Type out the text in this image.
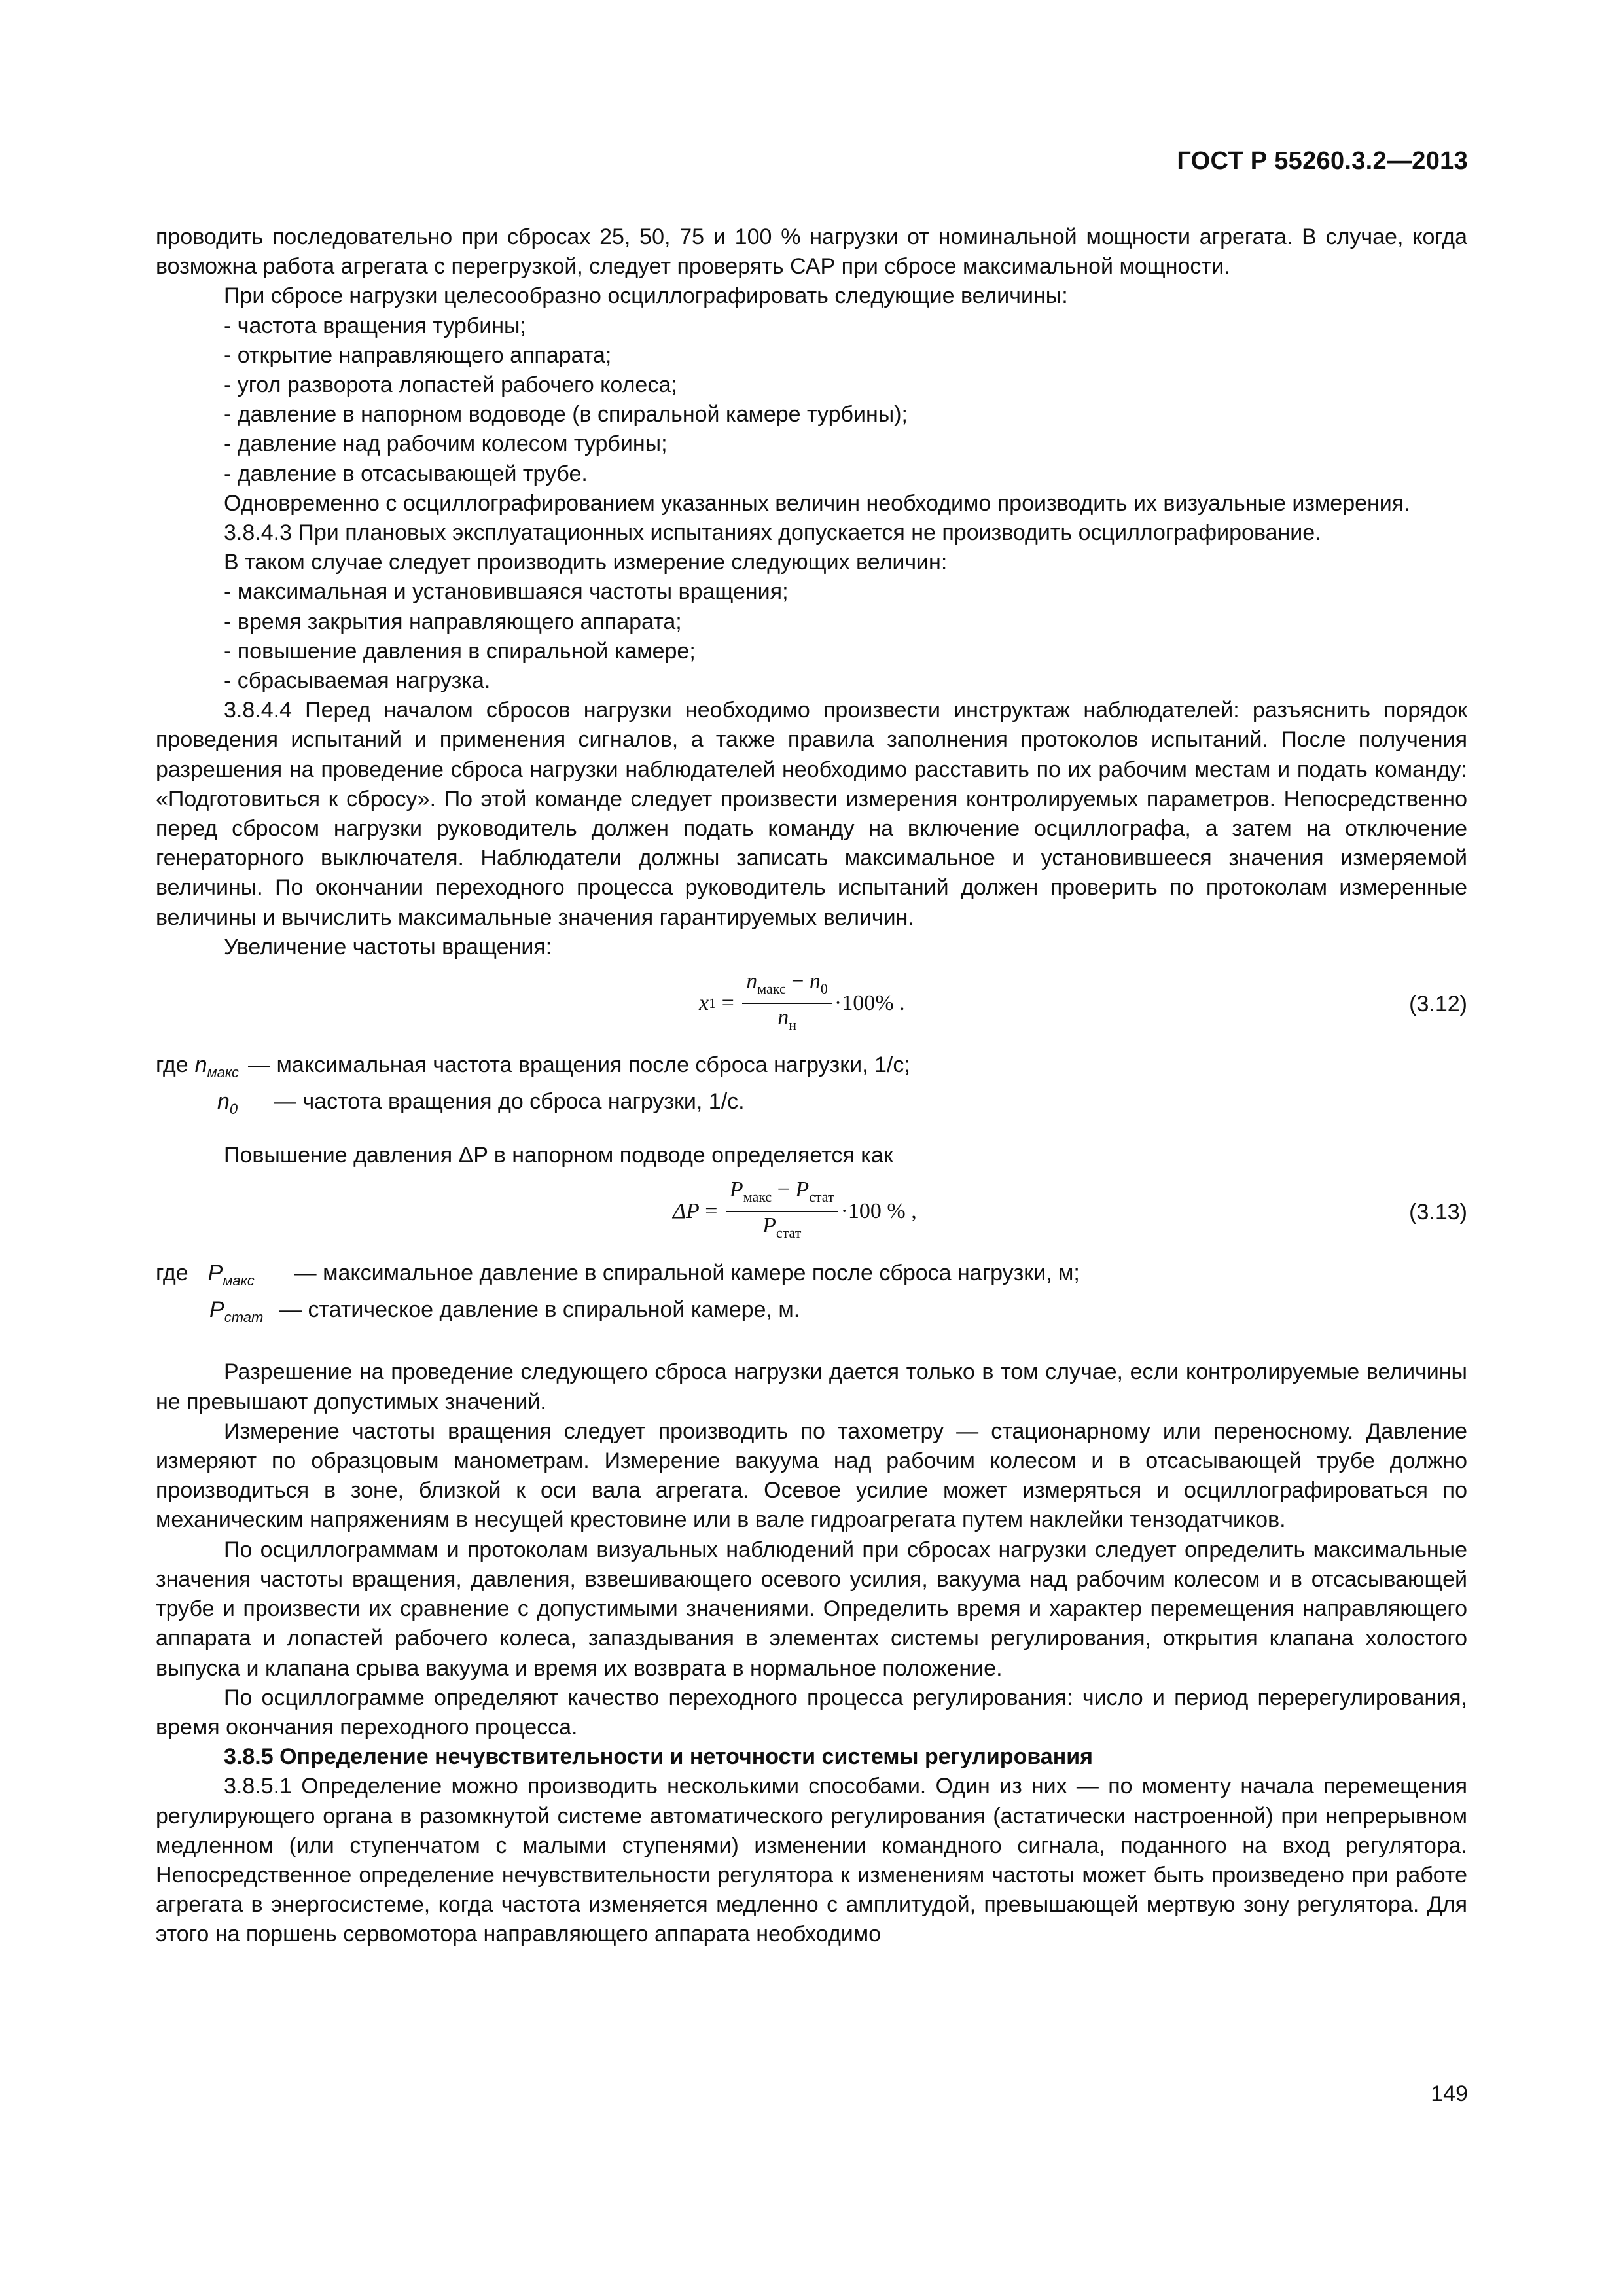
ГОСТ Р 55260.3.2—2013

проводить последовательно при сбросах 25, 50, 75 и 100 % нагрузки от номинальной мощности агрегата. В случае, когда возможна работа агрегата с перегрузкой, следует проверять САР при сбросе максимальной мощности.

При сбросе нагрузки целесообразно осциллографировать следующие величины:

- частота вращения турбины;

- открытие направляющего аппарата;

- угол разворота лопастей рабочего колеса;

- давление в напорном водоводе (в спиральной камере турбины);

- давление над рабочим колесом турбины;

- давление в отсасывающей трубе.

Одновременно с осциллографированием указанных величин необходимо производить их визуальные измерения.

3.8.4.3 При плановых эксплуатационных испытаниях допускается не производить осциллографирование.

В таком случае следует производить измерение следующих величин:

- максимальная и установившаяся частоты вращения;

- время закрытия направляющего аппарата;

- повышение давления в спиральной камере;

- сбрасываемая нагрузка.

3.8.4.4 Перед началом сбросов нагрузки необходимо произвести инструктаж наблюдателей: разъяснить порядок проведения испытаний и применения сигналов, а также правила заполнения протоколов испытаний. После получения разрешения на проведение сброса нагрузки наблюдателей необходимо расставить по их рабочим местам и подать команду: «Подготовиться к сбросу». По этой команде следует произвести измерения контролируемых параметров. Непосредственно перед сбросом нагрузки руководитель должен подать команду на включение осциллографа, а затем на отключение генераторного выключателя. Наблюдатели должны записать максимальное и установившееся значения измеряемой величины. По окончании переходного процесса руководитель испытаний должен проверить по протоколам измеренные величины и вычислить максимальные значения гарантируемых величин.

Увеличение частоты вращения:

x $1 = \frac{n_{макс} - n_0}{n_н} \cdot 100\%$ .	(3.12)
где $n_{макс}$ — максимальная частота вращения после сброса нагрузки, 1/с;
$n_0$	— частота вращения до сброса нагрузки, 1/с.

Повышение давления ΔP в напорном подводе определяется как

$\Delta P = \frac{P_{макс} - P_{стат}}{P_{стат}} \cdot 100$ % ,	(3.13)
где $P_{макс}$	— максимальное давление в спиральной камере после сброса нагрузки, м;
$P_{стат}$ — статическое давление в спиральной камере, м.

Разрешение на проведение следующего сброса нагрузки дается только в том случае, если контролируемые величины не превышают допустимых значений.

Измерение частоты вращения следует производить по тахометру — стационарному или переносному. Давление измеряют по образцовым манометрам. Измерение вакуума над рабочим колесом и в отсасывающей трубе должно производиться в зоне, близкой к оси вала агрегата. Осевое усилие может измеряться и осциллографироваться по механическим напряжениям в несущей крестовине или в вале гидроагрегата путем наклейки тензодатчиков.

По осциллограммам и протоколам визуальных наблюдений при сбросах нагрузки следует определить максимальные значения частоты вращения, давления, взвешивающего осевого усилия, вакуума над рабочим колесом и в отсасывающей трубе и произвести их сравнение с допустимыми значениями. Определить время и характер перемещения направляющего аппарата и лопастей рабочего колеса, запаздывания в элементах системы регулирования, открытия клапана холостого выпуска и клапана срыва вакуума и время их возврата в нормальное положение.

По осциллограмме определяют качество переходного процесса регулирования: число и период перерегулирования, время окончания переходного процесса.

3.8.5 Определение нечувствительности и неточности системы регулирования

3.8.5.1 Определение можно производить несколькими способами. Один из них — по моменту начала перемещения регулирующего органа в разомкнутой системе автоматического регулирования (астатически настроенной) при непрерывном медленном (или ступенчатом с малыми ступенями) изменении командного сигнала, поданного на вход регулятора. Непосредственное определение нечувствительности регулятора к изменениям частоты может быть произведено при работе агрегата в энергосистеме, когда частота изменяется медленно с амплитудой, превышающей мертвую зону регулятора. Для этого на поршень сервомотора направляющего аппарата необходимо

149
